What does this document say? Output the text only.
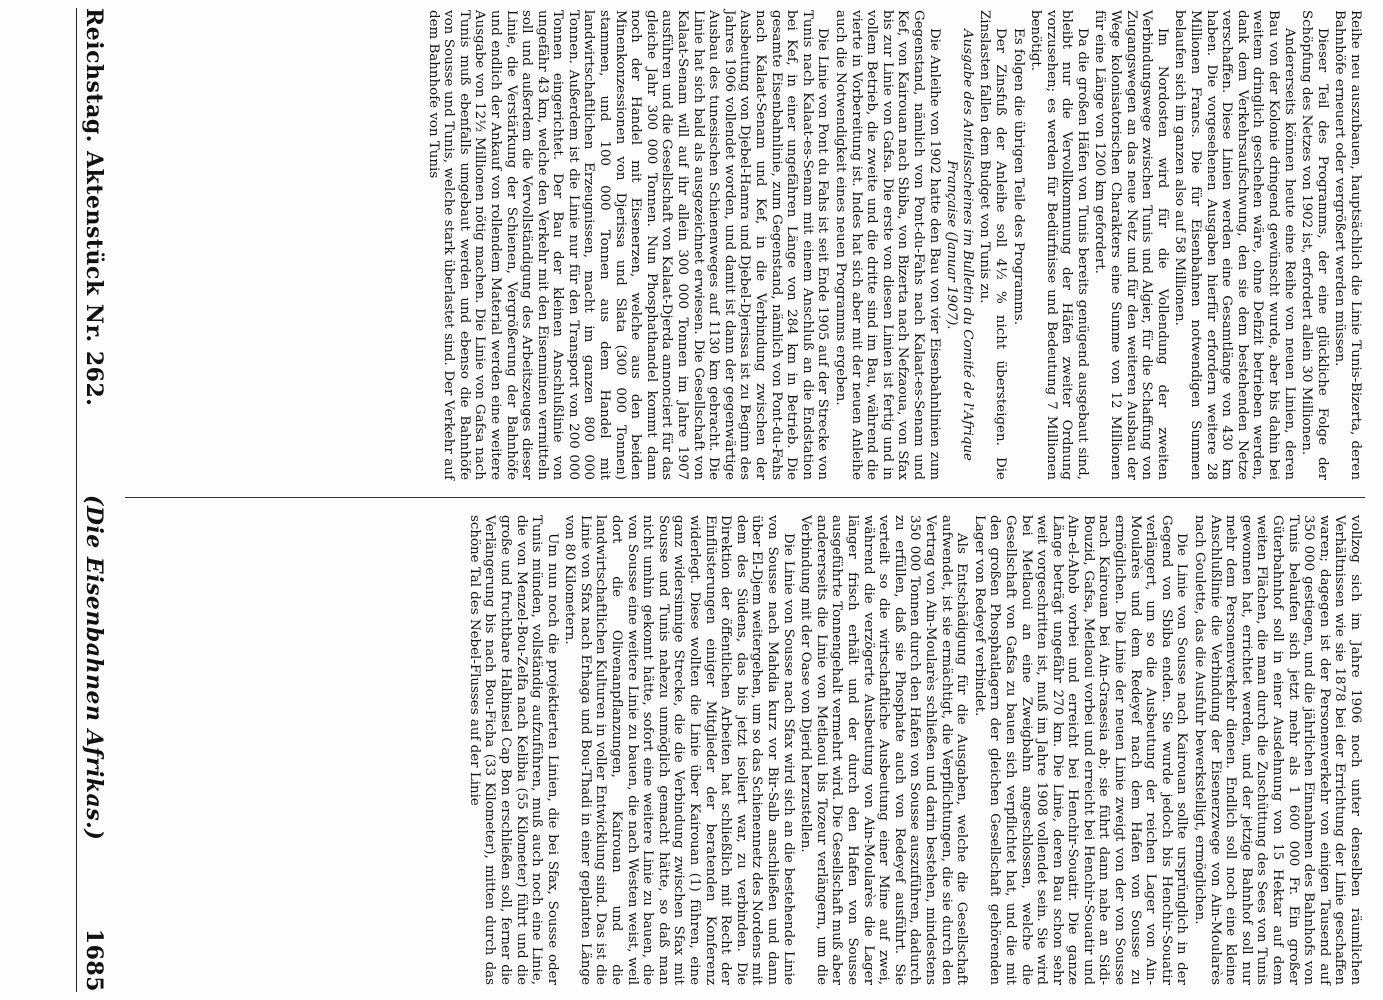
Reichstag. Aktenstück Nr. 262.
(Die Eisenbahnen Afrikas.)
1685

Reihe neu auszubauen, hauptsächlich die Linie Tunis-Bizerta, deren Bahnhöfe erneuert oder vergrößert werden müssen.

Dieser Teil des Programms, der eine glückliche Folge der Schöpfung des Netzes von 1902 ist, erfordert allein 30 Millionen.

Andererseits können heute eine Reihe von neuen Linien, deren Bau von der Kolonie dringend gewünscht wurde, aber bis dahin bei weitem dringlich geschehen wäre, ohne Defizit betrieben werden, dank dem Verkehrsaufschwung, den sie dem bestehenden Netze verschaffen. Diese Linien werden eine Gesamtlänge von 430 km haben. Die vorgesehenen Ausgaben hierfür erfordern weitere 28 Millionen Francs. Die für Eisenbahnen notwendigen Summen belaufen sich im ganzen also auf 58 Millionen.

Im Nordosten wird für die Vollendung der zweiten Verbindungswege zwischen Tunis und Algier, für die Schaffung von Zugangswegen an das neue Netz und für den weiteren Ausbau der Wege kolonisatorischen Charakters eine Summe von 12 Millionen für eine Länge von 1200 km gefordert.

Da die großen Häfen von Tunis bereits genügend ausgebaut sind, bleibt nur die Vervollkommnung der Häfen zweiter Ordnung vorzusehen; es werden für Bedürfnisse und Bedeutung 7 Millionen benötigt.

Es folgen die übrigen Teile des Programms.

Der Zinsfuß der Anleihe soll 4½ % nicht übersteigen. Die Zinslasten fallen dem Budget von Tunis zu.

Ausgabe des Anteilsscheines im Bulletin du Comité de l'Afrique Française (Januar 1907).

Die Anleihe von 1902 hatte den Bau von vier Eisenbahnlinien zum Gegenstand, nämlich von Pont-du-Fahs nach Kalaat-es-Senam und Kef, von Kairouan nach Sbiba, von Bizerta nach Nefzaoua, von Sfax bis zur Linie von Gafsa. Die erste von diesen Linien ist fertig und in vollem Betrieb, die zweite und die dritte sind im Bau, während die vierte in Vorbereitung ist. Indes hat sich aber mit der neuen Anleihe auch die Notwendigkeit eines neuen Programms ergeben.

Die Linie von Pont du Fahs ist seit Ende 1905 auf der Strecke von Tunis nach Kalaat-es-Senam mit einem Anschluß an die Endstation bei Kef, in einer ungefähren Länge von 284 km in Betrieb. Die gesamte Eisenbahnlinie, zum Gegenstand, nämlich von Pont-du-Fahs nach Kalaat-Senam und Kef, in die Verbindung zwischen der Ausbeutung von Djebel-Hamra und Djebel-Djerissa ist zu Beginn des Jahres 1906 vollendet worden, und damit ist dann der gegenwärtige Ausbau des tunesischen Schienenweges auf 1130 km gebracht. Die Linie hat sich bald als ausgezeichnet erwiesen. Die Gesellschaft von Kalaat-Senam will auf ihr allein 300 000 Tonnen im Jahre 1907 ausführen und die Gesellschaft von Kalaat-Djerda annonciert für das gleiche Jahr 300 000 Tonnen. Nun Phosphathandel kommt dann noch der Handel mit Eisenerzen, welche aus den beiden Minenkonzessionen von Djerissa und Slata (300 000 Tonnen) stammen, und 100 000 Tonnen aus dem Handel mit landwirtschaftlichen Erzeugnissen, macht im ganzen 800 000 Tonnen. Außerdem ist die Linie nur für den Transport von 200 000 Tonnen eingerichtet. Der Bau der kleinen Anschlußlinie von ungefähr 43 km, welche den Verkehr mit den Eisenminen vermitteln soll und außerdem die Vervollständigung des Arbeitszeuges dieser Linie, die Verstärkung der Schienen, Vergrößerung der Bahnhöfe und endlich der Ankauf von rollendem Material werden eine weitere Ausgabe von 12½ Millionen nötig machen. Die Linie von Gafsa nach Tunis muß ebenfalls umgebaut werden und ebenso die Bahnhöfe von Sousse und Tunis, welche stark überlastet sind. Der Verkehr auf dem Bahnhofe von Tunis

vollzog sich im Jahre 1906 noch unter denselben räumlichen Verhältnissen wie sie 1878 bei der Errichtung der Linie geschaffen waren; dagegen ist der Personenverkehr von einigen Tausend auf 350 000 gestiegen, und die jährlichen Einnahmen des Bahnhofs von Tunis belaufen sich jetzt mehr als 1 600 000 Fr. Ein großer Güterbahnhof soll in einer Ausdehnung von 15 Hektar auf dem weiten Flächen, die man durch die Zuschüttung des Sees von Tunis gewonnen hat, errichtet werden, und der jetzige Bahnhof soll nur mehr dem Personenverkehr dienen. Endlich soll noch eine kleine Anschlußlinie die Verbindung der Eisenerzwege von Ain-Moularès nach Goulette, das die Ausfuhr bewerkstelligt, ermöglichen.

Die Linie von Sousse nach Kairouan sollte ursprünglich in der Gegend von Sbiba enden. Sie wurde jedoch bis Henchir-Souatir verlängert, um so die Ausbeutung der reichen Lager von Ain-Moularès und dem Redeyef nach dem Hafen von Sousse zu ermöglichen. Die Linie der neuen Linie zweigt von der von Sousse nach Kairouan bei Ain-Grasesia ab; sie führt dann nahe an Sidi-Bouzid, Gafsa, Metlaoui vorbei und erreicht bei Henchir-Souatir und Ain-el-Ahob vorbei und erreicht bei Henchir-Souatir. Die ganze Länge beträgt ungefähr 270 km. Die Linie, deren Bau schon sehr weit vorgeschritten ist, muß im Jahre 1908 vollendet sein. Sie wird bei Metlaoui an eine Zweigbahn angeschlossen, welche die Gesellschaft von Gafsa zu bauen sich verpflichtet hat, und die mit den großen Phosphatlagern der gleichen Gesellschaft gehörenden Lager von Redeyef verbindet.

Als Entschädigung für die Ausgaben, welche die Gesellschaft aufwendet, ist sie ermächtigt, die Verpflichtungen, die sie durch den Vertrag von Ain-Moularès schließen und darin bestehen, mindestens 350 000 Tonnen durch den Hafen von Sousse auszuführen, dadurch zu erfüllen, daß sie Phosphate auch von Redeyef ausführt. Sie verteilt so die wirtschaftliche Ausbeutung einer Mine auf zwei, während die verzögerte Ausbeutung von Ain-Moularès die Lager länger frisch erhält und der durch den Hafen von Sousse ausgeführte Tonnengehalt vermehrt wird. Die Gesellschaft muß aber andererseits die Linie von Metlaoui bis Tozeur verlängern, um die Verbindung mit der Oase von Djerid herzustellen.

Die Linie von Sousse nach Sfax wird sich an die bestehende Linie von Sousse nach Mahdia kurz vor Bir-Salb anschließen und dann über El-Djem weitergehen, um so das Schienennetz des Nordens mit dem des Südens, das bis jetzt isoliert war, zu verbinden. Die Direktion der öffentlichen Arbeiten hat schließlich mit Recht der Einflüsterungen einiger Mitglieder der beratenden Konferenz widerlegt. Diese wollten die Linie über Kairouan (1) führen, eine ganz widersinnige Strecke, die die Verbindung zwischen Sfax mit Sousse und Tunis nahezu unmöglich gemacht hätte, so daß man nicht umhin gekonnt hätte, sofort eine weitere Linie zu bauen, die von Sousse eine weitere Linie zu bauen, die nach Westen weist, weil dort die Olivenanpflanzungen, Kairouan und die landwirtschaftlichen Kulturen in voller Entwicklung sind. Das ist die Linie von Sfax nach Erhaga und Bou-Thadi in einer geplanten Länge von 80 Kilometern.

Um nun noch die projektierten Linien, die bei Sfax, Sousse oder Tunis münden, vollständig aufzuführen, muß auch noch eine Linie, die von Menzel-Bou-Zelfa nach Kelibia (55 Kilometer) führt und die große und fruchtbare Halbinsel Cap Bon erschließen soll, ferner die Verlängerung bis nach Bou-Ficha (33 Kilometer), mitten durch das schöne Tal des Nebel-Flusses auf der Linie
